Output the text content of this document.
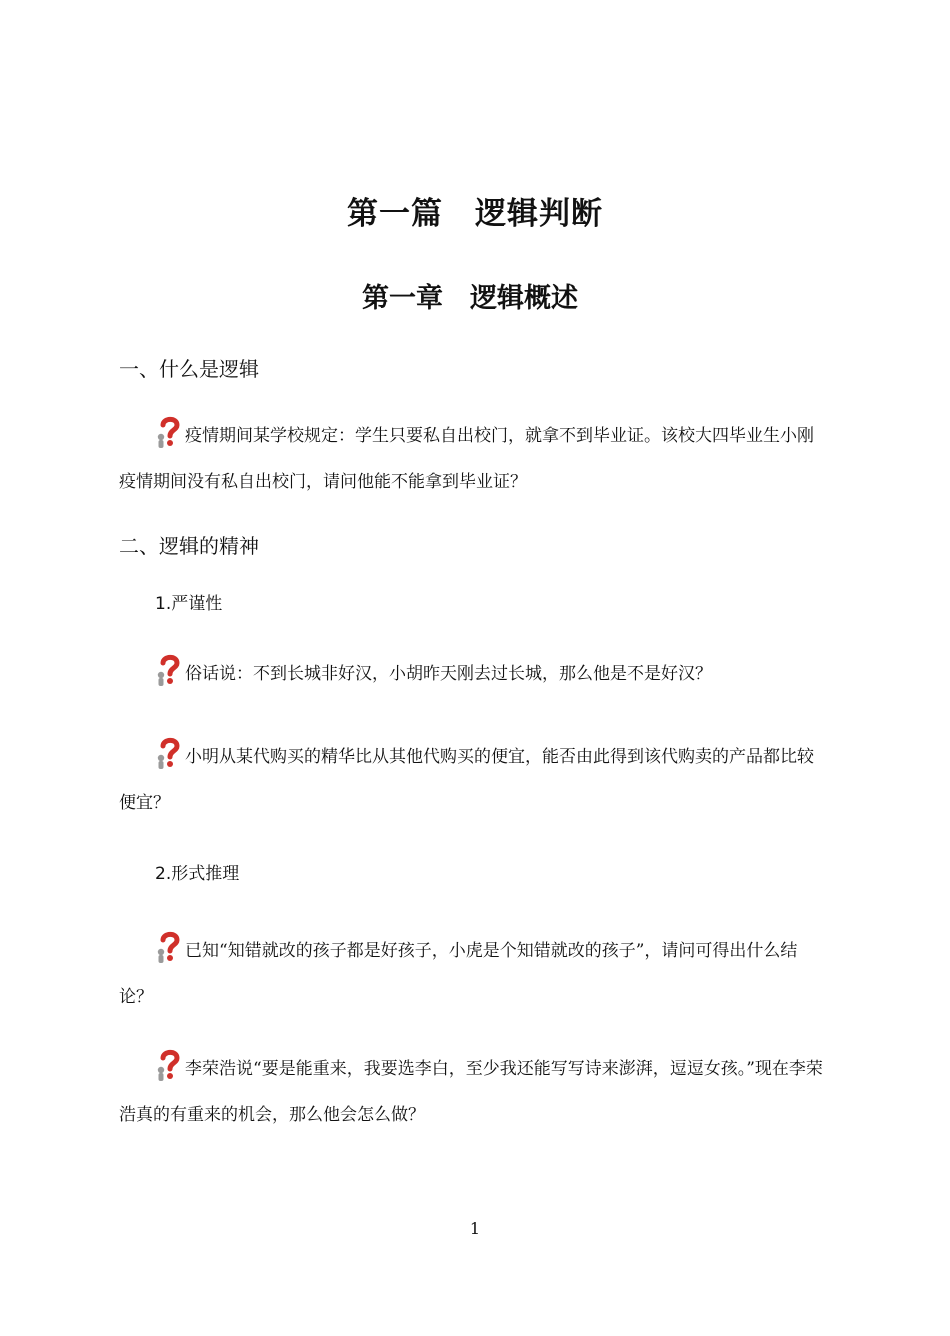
第一篇　逻辑判断
第一章　逻辑概述
一、什么是逻辑
疫情期间某学校规定：学生只要私自出校门，就拿不到毕业证。该校大四毕业生小刚疫情期间没有私自出校门，请问他能不能拿到毕业证？
二、逻辑的精神
1.严谨性
俗话说：不到长城非好汉，小胡昨天刚去过长城，那么他是不是好汉？
小明从某代购买的精华比从其他代购买的便宜，能否由此得到该代购卖的产品都比较便宜？
2.形式推理
已知“知错就改的孩子都是好孩子，小虎是个知错就改的孩子”，请问可得出什么结论？
李荣浩说“要是能重来，我要选李白，至少我还能写写诗来澎湃，逗逗女孩。”现在李荣浩真的有重来的机会，那么他会怎么做？
1
